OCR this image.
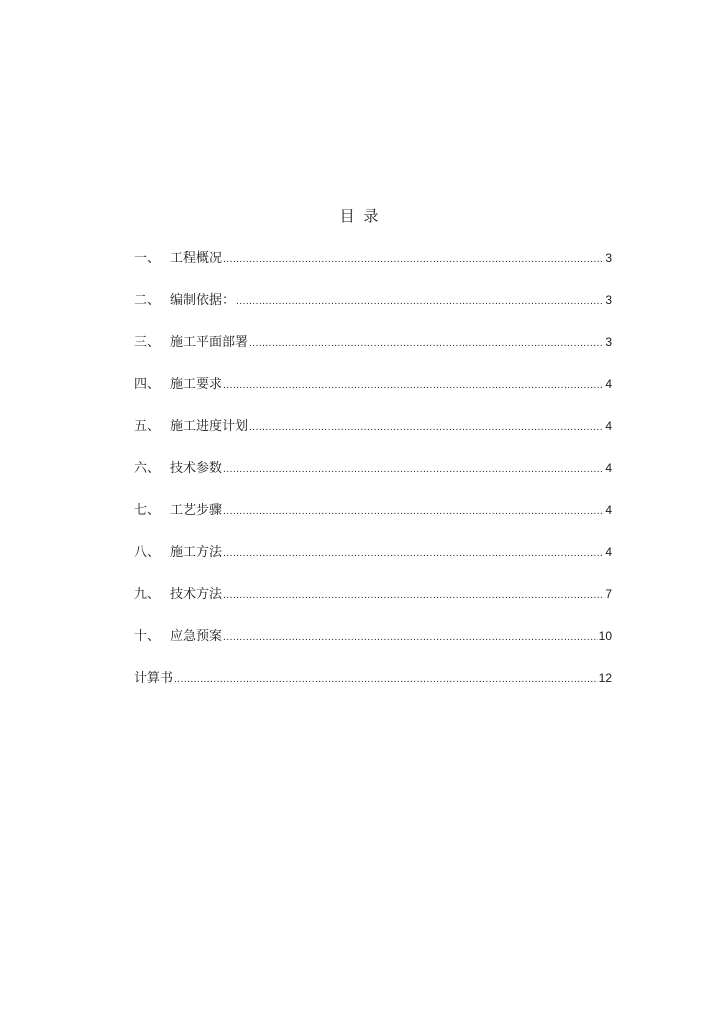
目 录
一、 工程概况 .....	3
二、 编制依据： .....	3
三、 施工平面部署 .....	3
四、 施工要求 .....	4
五、 施工进度计划 .....	4
六、 技术参数 .....	4
七、 工艺步骤 .....	4
八、 施工方法 .....	4
九、 技术方法 .....	7
十、 应急预案 .....	10
计算书 .....	12
